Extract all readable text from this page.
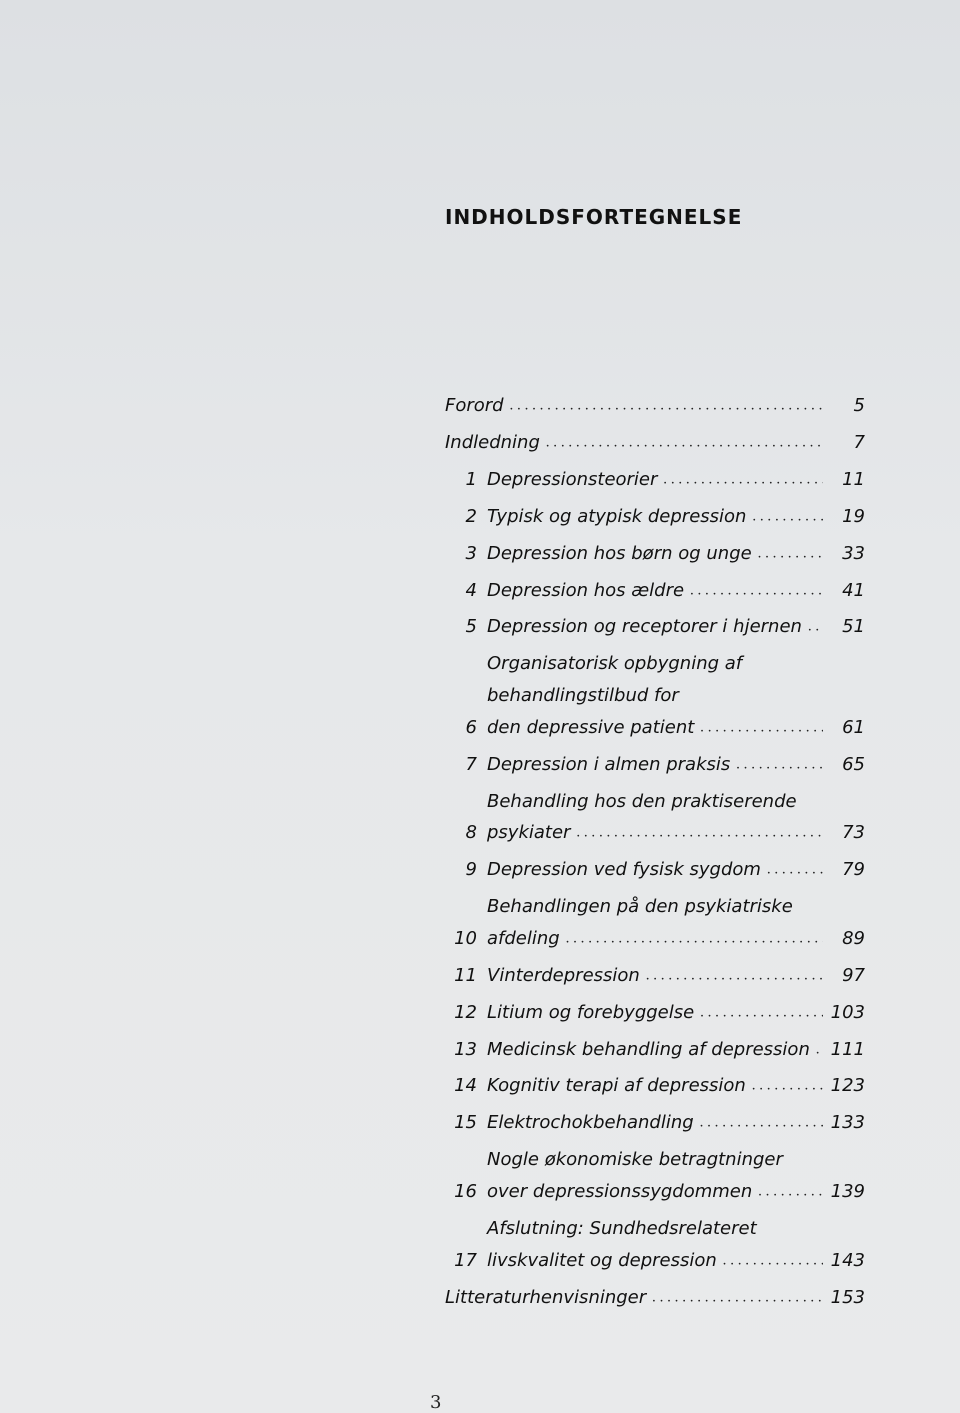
INDHOLDSFORTEGNELSE
Forord •••••	5
Indledning •••••	7
1 Depressionsteorier •••••	11
2 Typisk og atypisk depression •••••	19
3 Depression hos børn og unge •••••	33
4 Depression hos ældre •••••	41
5 Depression og receptorer i hjernen •••••	51
Organisatorisk opbygning af
behandlingstilbud for
6 den depressive patient •••••	61
7 Depression i almen praksis •••••	65
Behandling hos den praktiserende
8 psykiater •••••	73
9 Depression ved fysisk sygdom •••••	79
Behandlingen på den psykiatriske
10 afdeling •••••	89
11 Vinterdepression •••••	97
12 Litium og forebyggelse •••••	103
13 Medicinsk behandling af depression ••••• 111
14 Kognitiv terapi af depression •••••	123
15 Elektrochokbehandling •••••	133
Nogle økonomiske betragtninger
16 over depressionssygdommen •••••	139
Afslutning: Sundhedsrelateret
17 livskvalitet og depression •••••	143
Litteraturhenvisninger •••••	153
3
